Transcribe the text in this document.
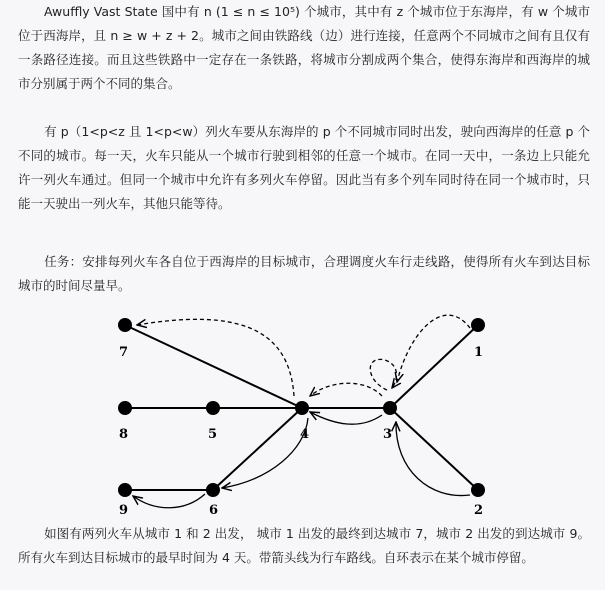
Awuffly Vast State 国中有 n (1 ≤ n ≤ 10⁵) 个城市，其中有 z 个城市位于东海岸，有 w 个城市位于西海岸，且 n ≥ w + z + 2。城市之间由铁路线（边）进行连接，任意两个不同城市之间有且仅有一条路径连接。而且这些铁路中一定存在一条铁路，将城市分割成两个集合，使得东海岸和西海岸的城市分别属于两个不同的集合。

有 p（1<p<z 且 1<p<w）列火车要从东海岸的 p 个不同城市同时出发，驶向西海岸的任意 p 个不同的城市。每一天，火车只能从一个城市行驶到相邻的任意一个城市。在同一天中，一条边上只能允许一列火车通过。但同一个城市中允许有多列火车停留。因此当有多个列车同时待在同一个城市时，只能一天驶出一列火车，其他只能等待。

任务：安排每列火车各自位于西海岸的目标城市，合理调度火车行走线路，使得所有火车到达目标城市的时间尽量早。

7	1
8	5	4	3
9	6	2

如图有两列火车从城市 1 和 2 出发， 城市 1 出发的最终到达城市 7，城市 2 出发的到达城市 9。所有火车到达目标城市的最早时间为 4 天。带箭头线为行车路线。自环表示在某个城市停留。
